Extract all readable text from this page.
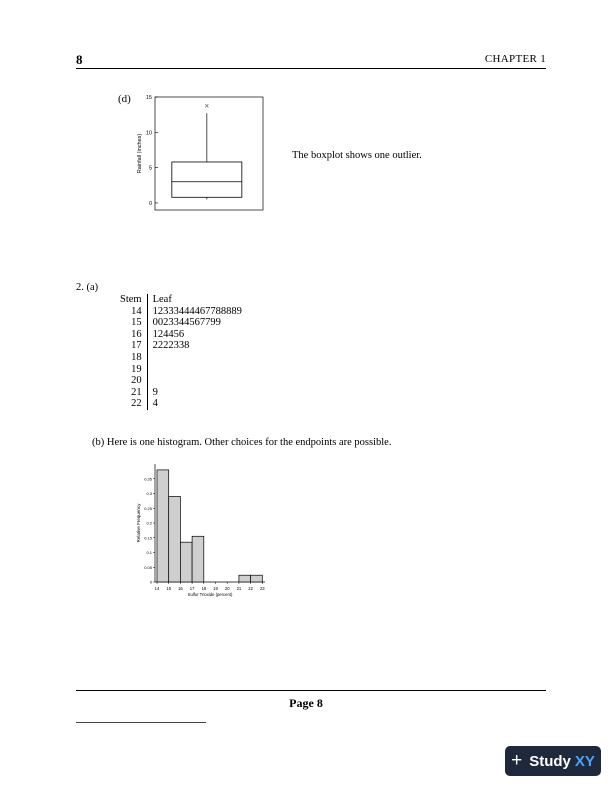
8	CHAPTER 1
(d)
0
5
10
15
Rainfall (inches)
×
The boxplot shows one outlier.
2. (a)
Stem	Leaf
14	12333444467788889
15	0023344567799
16	124456
17	2222338
18	
19	
20	
21	9
22	4
(b) Here is one histogram. Other choices for the endpoints are possible.
0
0.05
0.1
0.15
0.2
0.25
0.3
0.35
14 15 16 17 18 19 20 21 22 23
Sulfur Trioxide (percent)
Relative Frequency
Page 8
+ Study XY
